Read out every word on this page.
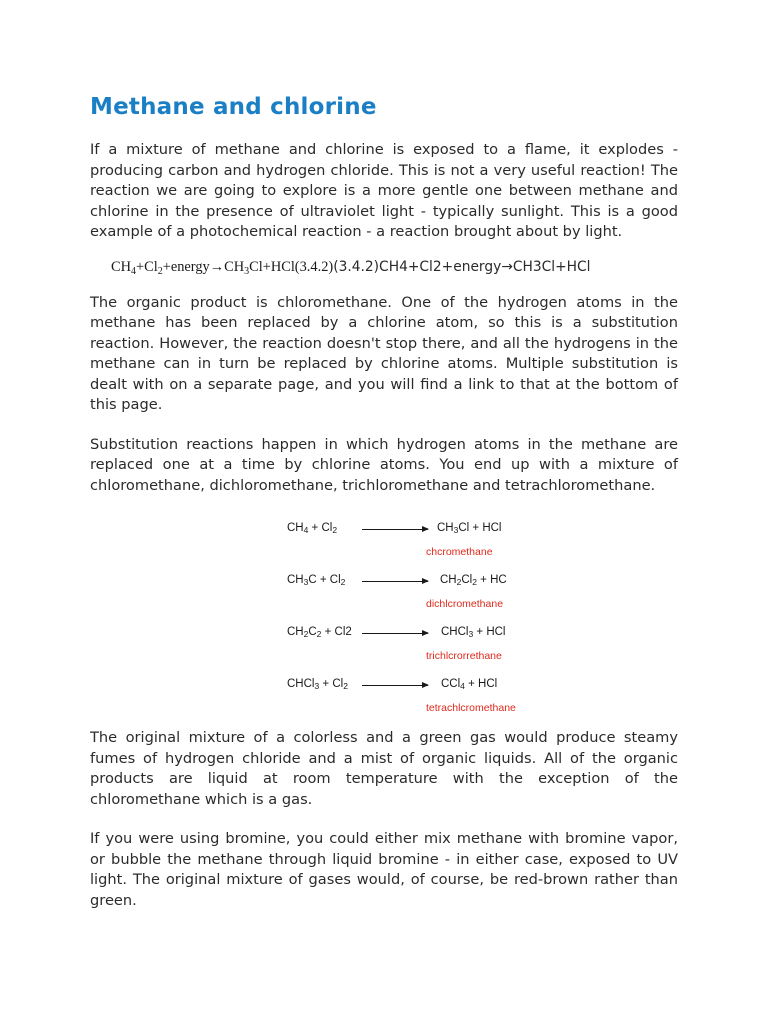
Methane and chlorine

If a mixture of methane and chlorine is exposed to a flame, it explodes - producing carbon and hydrogen chloride. This is not a very useful reaction! The reaction we are going to explore is a more gentle one between methane and chlorine in the presence of ultraviolet light - typically sunlight. This is a good example of a photochemical reaction - a reaction brought about by light.

$CH_4+Cl_2+energy\to CH_3Cl+HCl(3.4.2)(3.4.2)CH4+Cl2+energy\to CH3Cl+HCl$

The organic product is chloromethane. One of the hydrogen atoms in the methane has been replaced by a chlorine atom, so this is a substitution reaction. However, the reaction doesn't stop there, and all the hydrogens in the methane can in turn be replaced by chlorine atoms. Multiple substitution is dealt with on a separate page, and you will find a link to that at the bottom of this page.

Substitution reactions happen in which hydrogen atoms in the methane are replaced one at a time by chlorine atoms. You end up with a mixture of chloromethane, dichloromethane, trichloromethane and tetrachloromethane.

$CH_4 + Cl_2$	$CH_3Cl$ + HCl
chcromethane
$CH_3C + Cl_2$	$CH_2Cl_2$ + HC
dichlcromethane
$CH_2C_2 + Cl2$	CHCl$_3$ + HCl
trichlcrorrethane
CHCl$_3$ + $Cl_2$	CCl$_4$ + HCl
tetrachlcromethane

The original mixture of a colorless and a green gas would produce steamy fumes of hydrogen chloride and a mist of organic liquids. All of the organic products are liquid at room temperature with the exception of the chloromethane which is a gas.

If you were using bromine, you could either mix methane with bromine vapor, or bubble the methane through liquid bromine - in either case, exposed to UV light. The original mixture of gases would, of course, be red-brown rather than green.
